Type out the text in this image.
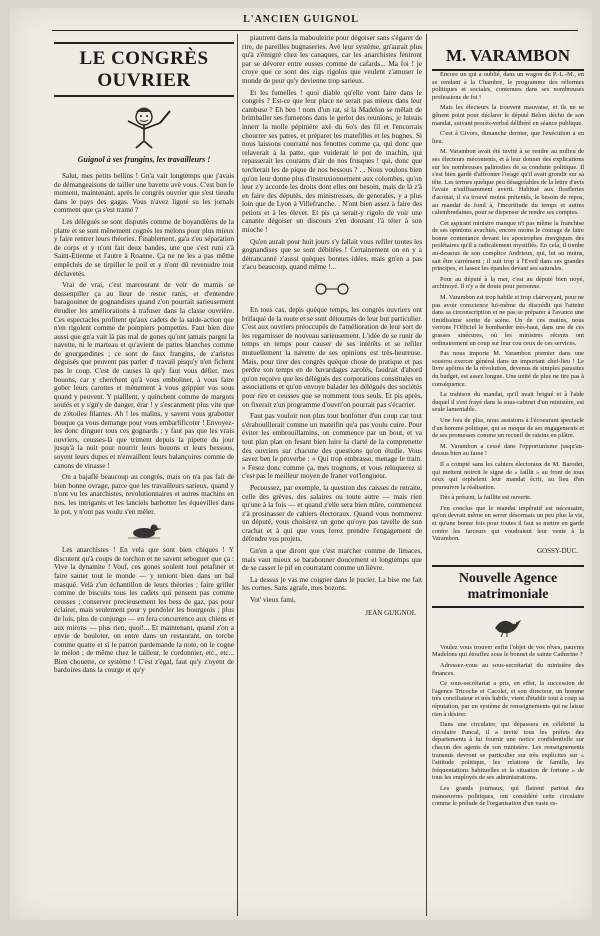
L'ANCIEN GUIGNOL
LE CONGRÈS OUVRIER
Guignol à ses frangins, les travailleurs !

Salut, mes petits bellins ! Gn'a vait longtemps que j'avais de démangeaisons de tailler une bavette avè vous. C'est bon le moment, maintenant, après le congrès ouvrier que s'est tieudu dans le pays des gagas. Vous n'avez ligoté su les jornals comment que ça s'est tramé ?

Les délégués se sont disputés comme de boyandières de la platte et se sont mênement cognés les melons pour plus mieux y faire rentrer leurs théories. Finablement, ga'a z'eu séparation de corps et y n'ont fait deux bandes, une que s'est runi z'à Saint-Etienne et l'autre à Roanne. Ça ne ne les a pas même empêchés de se tirpiller le poil et y n'ont dû revenudre tout déclavetés.

Vrai de vrai, c'est marcourant de voir de mamis se dossenpiller ça au lieur de rester ranis, et d'entendre baragouiner de gognandises quand z'on pourrait sarieusement étrudier les améliorations à trafuser dans la classe ouvrière. Ces espectacles profitent qu'aux cadets de la saide-action que n'en rigolent comme de pompiers pompettes. Faut bien dire aussi que gn'a vait là pas mal de gones qu'ont jamais pargni la navette, ni le marteau et qu'avient de pattes blanches comme de gourgandines ; ce sont de faux frangins, de z'aristos déguisés que peuvent pas parler d' travail pisqu'y n'en fichent pas le coup. C'est de causes là qu'y faut vous défier, mes bouons, car y cherchent qu'à vous emboliner, à vous faire gober leurs carottes et mènement à vous grippier vos sous quand y peuvent. Y pialllent, y quinchent comme de margots soulés et y s'gn'y de danger, érar ! y s'escanment plus vite que de z'étoiles filantes. Ah ! les malins, y savent vous grabotter bouque ça vous demange pour vous embarlificoter ! Envoyez-les donc dinguer tous ces gognards ; y faut pas que les vrais ouvriers, ceusses-là que triment depuis la pipette du jour jusqu'à la nuit pour nourrir leurs bouons et leurs bessous, soyent leurs dupes et n'envaillent leurs balançoires comme de canons de vinasse !

On a bajaflé beaucoup au congrès, mais on n'a pas fait de bien bonne ovrage, parce que les travailleurs sarieux, quand y n'ont vu les anarchistes, revolutionnaires et autres machins en nos, les intrigants et les lanciels barbotter les équevilles dans le pot, y n'ont pas voulu s'en mêler.

Les anarchistes ! En vela que sont bien chiques ! Y discutent qu'à coups de torchon et ne savent seboguer que ça : Vive la dynamite ! Vouf, ces gones soulent tout petafiner et faire sauter tout le monde — y teniont bien dans un bal masqué. Velà z'un échantillon de leurs théories ; faire griller comme de biscuits tous les cadets qui pensent pas comme ceusses ; conserver precieusement les bess de gaz, pas pour éclairer, mais seulement pour y pendoler les bourgeois ; plus de lois, plus de conjungo — en fera concurrence aux chiens et aux mirons — plus rien, quoi!... Et maintenant, quand z'on a envie de bouloter, on entre dans un restaurant, on torche comme quatre et si le patron pardemande la note, on le cogne le melon ; de même chez le tailleur, le cordonnier, etc., etc... Bien chouette, ce système ! C'est z'égal, faut qu'y z'oyent de bardoires dans la courge et qu'y

piautrent dans la mabouleirie pour dégoiser sans s'égarer de rire, de pareilles bugnaseries. Avè leur système, gn'aurait plus qu'à z'émigré chez les canaques, car les anarchistes feniront par se dévorer entre eusses comme de cafards... Ma foi ! je croye que ce sont des zigs rigolos que veulent z'amuser le monde de peur qu'y devienne trop sarieux.

Et les fumelles ! quoi diable qu'elle vont faire dans le congrès ? Est-ce que leur place ne serait pas mieux dans leur cambuse ? Eh ben ! nom d'un rat, si la Madelon se mêlait de brimballer ses fumerons dans le gerlot des reunions, je luteais innerr la molle pépinière axè du 6o's des fil et l'encorrais chourrer ses patres, et préparer les matefilles et les bugnes. Si nous laissons courratté nos fenottes comme ça, qui donc que relaverait à la patte, que vuiderait le pot de machin, qui repasserait les courants d'air de nos frusques ! qui, donc que torcherait les de pique de nos bessous ? . . Nous voulons bien qu'on leur donne plus d'instruxionnement aux colombes, qu'on leur z'y accorde les droits dont elles ont besoin, mais de là z'à en faire des députés, des ministresses, de generales, y a plus loin que de Lyon à Villefranche. . N'ont bien assez à faire des petiots et à les élever. Et pis ça serait-y rigolo de voir une canante dégoiser un discours z'en donnant l'à téter à son mioche !

Qu'en aurait pour huit jours s'y fallait vous refiler toutes les gognandises que se sont débitées ! Certainement on en y a détrancanné z'aussi quèques bonnes idées, mais gn'en a pas z'acu beaucoup, quand même !...

En tous cas, depis quèque temps, les congrès ouvriers ont brifaqué de la route et se sont détournés de leur but particulier. C'est aux ouvriers préoccupés de l'amélioration de leur sort de les regarnisser de nouveau sarieusement. L'idée de se runir de temps en temps pour causer de ses intérêts et se refiler mutuellement la navette de ses opinions est très-heureuse. Mais, pour tirer des congrès quèque chose de pratique et pas perdre son temps en de bavardages zarolés, faudrait d'abord qu'on reçoive que les délégués des corporations constituées en associations et qu'on envoye balader les délégués des sociétés pour rire et ceusses que se nomment tous seuls. Et pis après, on fixerait z'un programme d'ouvri'on pourrait pas s'écarrier.

Faut pas vouloir non plus tout bonfotter d'un coup car tout s'éraboulllerait comme un mateifin qu'a pas voulu cuire. Pour éviter les embrouillamins, on commence par un bout, et va tout plan plan en fesant bien luire la clarté de la comprenette des ouvriers sur chacune des questions qu'on étudie. Vous savez ben le proverbe : « Qui trop embrasse, menage le train. » Fesez donc comme ça, mes trognons, et vous reluquerez si c'est pas le meilleur moyen de franer vot'longueur.

Pecoussez, par exemple, la question des caisses de retraite, celle des grèves, des salaires ou toute autre — mais rien qu'une à la fois — et quand z'elle sera bien mûre, commencez z'à prosinasser de cahiers électoraux. Quand vous nommerez un député, vous choisirez un gone qu'oye pas tavelle de son crachat et à qui que vous ferez prendre l'engagement de défendre vos projets.

Gn'en a que diront que c'est marcher comme de limaces, mais vaut mieux se barabonner doucement et longtemps que de se casser le pif en courratant comme un lièvre.

La dessus je vas me coigner dans le pucier. La bise me fait les cornes. Sans agrafe, mes bozons.

Vot' vieux fami,

JEAN GUIGNOL
M. VARAMBON

Encore un qui a oublié, dans un wagon du P.-L.-M., en se rendant à la Chambre, le programme des réformes politiques et sociales, contenues dans ses nombreuses professions de foi !

Mais les électeurs la trouvent mauvaise, et ils ne se gênent point pour déclarer le député Belon déchu de son mandat, suivant procès-verbal délibéré en séance publique.

C'est à Givors, dimanche dernier, que l'exécution a eu lieu.

M. Varambon avait été invité à se rendre au milieu de ses électeurs mécontents, et à leur donner des explications sur les nombreuses palinodies de sa conduite politique. Il s'est bien gardé d'affronter l'orage qu'il avait grondir sur sa tête. Les termes quelque peu désagréables de la lettre d'avis l'avaie n'suffisamment averti. Habitué aux flosfleries d'aconat, il s'a trouvé moins prétentés, le besoin de repos, au mandat de fond à, l'incertitude du temps et autres calembredaines, pour se dispenser de rendre ses comptes.

Cet aspirant ministre manque n't pas même la franchise de ses opinions avachies, encore moins le courage de faire bonne contenance devant les apostrophes énergiques des prolétaires qu'il a radicalement mystifiés. En cela, il tombe au-dessous de son complice Andrieux, qui, lui au moins, sait être carrément ; il suit trop à l'Eveil dans ses grandes principes, et lassez les épaules devant ses saturales.

Pour au député à la mer, c'est au député bien noyé, archinoyé. Il n'y a de doute pour personne.

M. Varambon est trop habile et trop clairvoyant, pour ne pas avoir conscience lui-même du discrédit qui l'atteint dans sa circonscription et ne pas se préparer à l'avance une timidissime sortie de scène. Un de ces matins, nous verrons l'Officiel le bombarder très-haut, dans une de ces grasses sinécures, où les ministres récents ont ordinairement un coup sur leur cou ceux de ces services.

Pas nous importe M. Varambon premier dans une sousrou exercer général dans un important chef-lieu ! Le livre apôtres de la révolution, devenus de simples parasites du budget, est assez longue. Une unité de plus ne tire pas à conséquence.

La trahison du mandat, qu'il avait brigué et à l'aide duquel il s'est frayé dans la sous-cabinet d'un ministère, est seule lamentable.

Une fois de plus, nous assistons à l'écoeurant spectacle d'un homme politique, qui se moque de ses engagements et de ses promesses comme un recueil de raisins en plâtre.

M. Varambon a cessé dans l'opportunisme jusqu'au-dessus bien au fasse !

Il a compté sans les cahiers électoraux de M. Barodet, qui mettent noirctt le signe de « faillit » au front de tous ceux qui orphelent leur mandat écrit, au lieu d'en poursuivre la réalisation.

Dès à présent, la faillite est ouverte.

J'en conclus que le mandat impératif est nécessaire, qu'on devrait même en serrer désormais un peu plus la vis, et qu'une bonne fois pour toutes il faut se mettre en garde contre les farceurs qui voudraient leur vente à la Varambon.

GOSSY-DUC.
Nouvelle Agence matrimoniale

Voulez vous trouver enfin l'objet de vos rêves, pauvres Madelons qui étouffez sous le bonnet de sainte Catherine ?

Adressez-vous au sous-secrétariat du ministère des finances.

Ce sous-secrétariat a pris, en effet, la succession de l'agence Tricoche et Cacolet, et son directeur, un homme très conciliateur et très habile, vient d'établir tout à coup sa réputation, par un système de renseignements qui ne laisse rien à désirer.

Dans une circulaire, qui dépassera en célébrité la circulaire Pancal, il a invité tous les préfets des départements à lui fournir une notice confidentielle sur chacun des agents de son ministère. Les renseignements transmis devront se particulier sur très explicites sur « l'attitude politique, les relations de famille, les fréquentations habituelles et la situation de fortune » de tous les employés de ses administrations.

Les grands journaux, qui flairent partout des manoeuvres politiques, ont considéré cette circulaire comme le prélude de l'organisation d'un vaste es-
